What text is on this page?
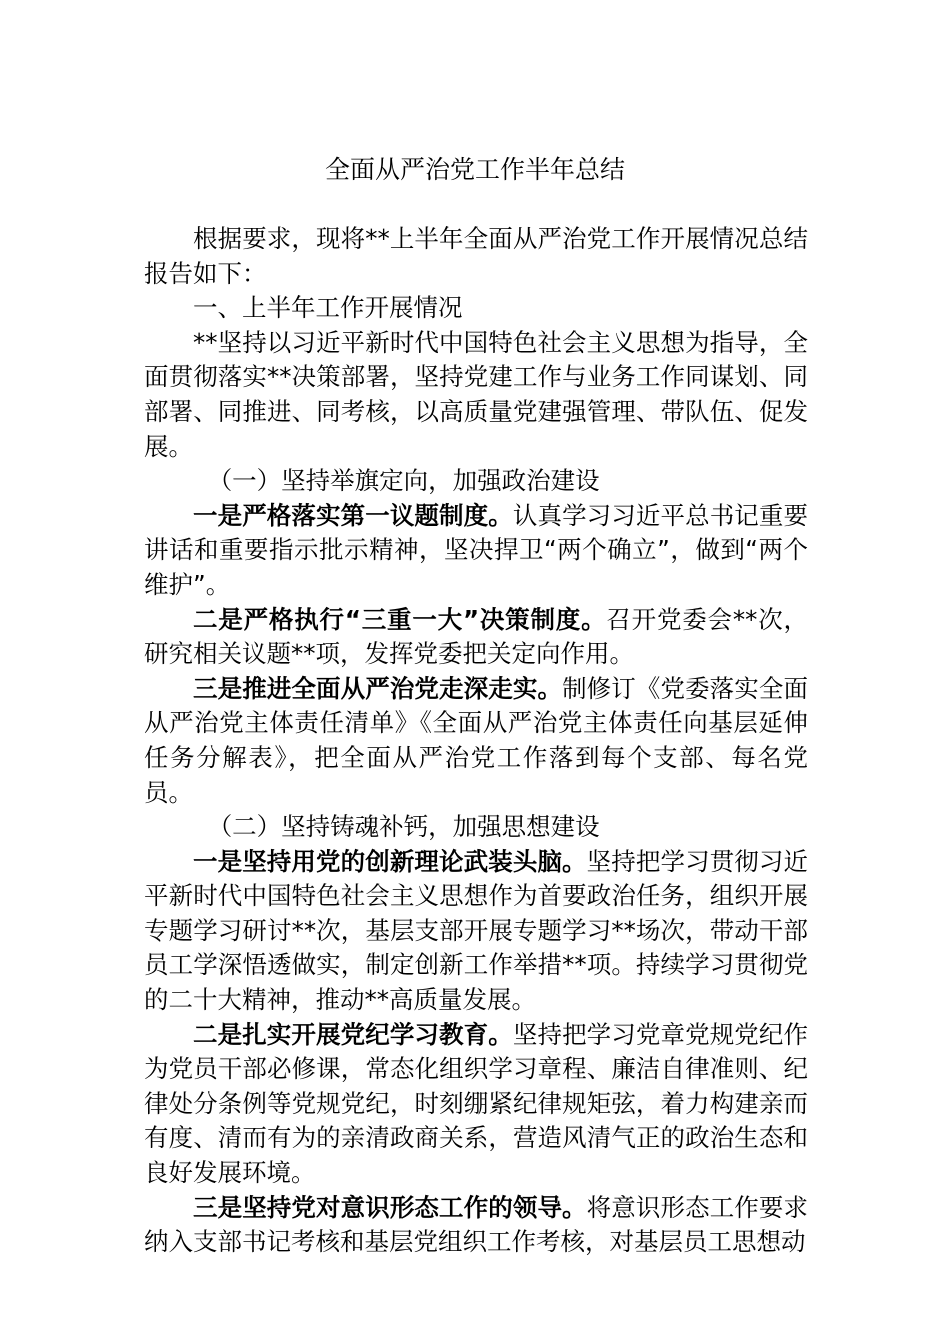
全面从严治党工作半年总结

根据要求，现将**上半年全面从严治党工作开展情况总结报告如下：

一、上半年工作开展情况

**坚持以习近平新时代中国特色社会主义思想为指导，全面贯彻落实**决策部署，坚持党建工作与业务工作同谋划、同部署、同推进、同考核，以高质量党建强管理、带队伍、促发展。

（一）坚持举旗定向，加强政治建设

一是严格落实第一议题制度。认真学习习近平总书记重要讲话和重要指示批示精神，坚决捍卫“两个确立”，做到“两个维护”。

二是严格执行“三重一大”决策制度。召开党委会**次，研究相关议题**项，发挥党委把关定向作用。

三是推进全面从严治党走深走实。制修订《党委落实全面从严治党主体责任清单》《全面从严治党主体责任向基层延伸任务分解表》，把全面从严治党工作落到每个支部、每名党员。

（二）坚持铸魂补钙，加强思想建设

一是坚持用党的创新理论武装头脑。坚持把学习贯彻习近平新时代中国特色社会主义思想作为首要政治任务，组织开展专题学习研讨**次，基层支部开展专题学习**场次，带动干部员工学深悟透做实，制定创新工作举措**项。持续学习贯彻党的二十大精神，推动**高质量发展。

二是扎实开展党纪学习教育。坚持把学习党章党规党纪作为党员干部必修课，常态化组织学习章程、廉洁自律准则、纪律处分条例等党规党纪，时刻绷紧纪律规矩弦，着力构建亲而有度、清而有为的亲清政商关系，营造风清气正的政治生态和良好发展环境。

三是坚持党对意识形态工作的领导。将意识形态工作要求纳入支部书记考核和基层党组织工作考核，对基层员工思想动
